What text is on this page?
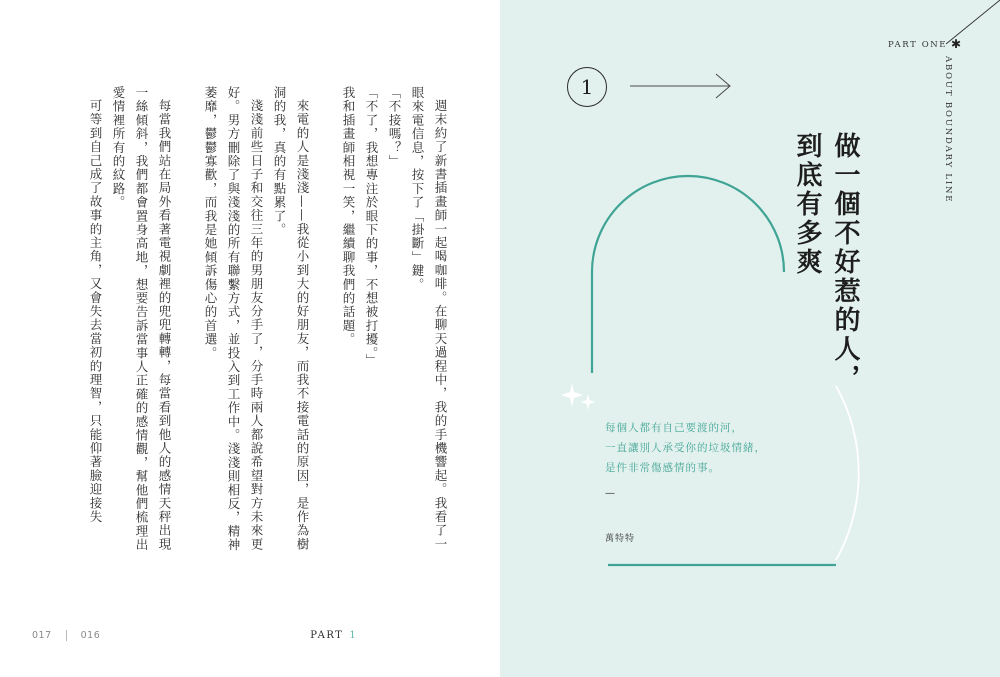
週末約了新書插畫師一起喝咖啡。在聊天過程中，我的手機響起。我看了一眼來電信息，按下了「掛斷」鍵。

「不接嗎？」

「不了，我想專注於眼下的事，不想被打擾。」

我和插畫師相視一笑，繼續聊我們的話題。

來電的人是淺淺——我從小到大的好朋友，而我不接電話的原因，是作為樹洞的我，真的有點累了。

淺淺前些日子和交往三年的男朋友分手了，分手時兩人都說希望對方未來更好。男方刪除了與淺淺的所有聯繫方式，並投入到工作中。淺淺則相反，精神萎靡，鬱鬱寡歡，而我是她傾訴傷心的首選。

每當我們站在局外看著電視劇裡的兜兜轉轉，每當看到他人的感情天秤出現一絲傾斜，我們都會置身高地，想要告訴當事人正確的感情觀，幫他們梳理出愛情裡所有的紋路。

可等到自己成了故事的主角，又會失去當初的理智，只能仰著臉迎接失

017	016	PART 1
PART ONE ✱
ABOUT BOUNDARY LINE
1
做一個不好惹的人，
到底有多爽
每個人都有自己要渡的河，
一直讓別人承受你的垃圾情緒，
是件非常傷感情的事。
—
萬特特
